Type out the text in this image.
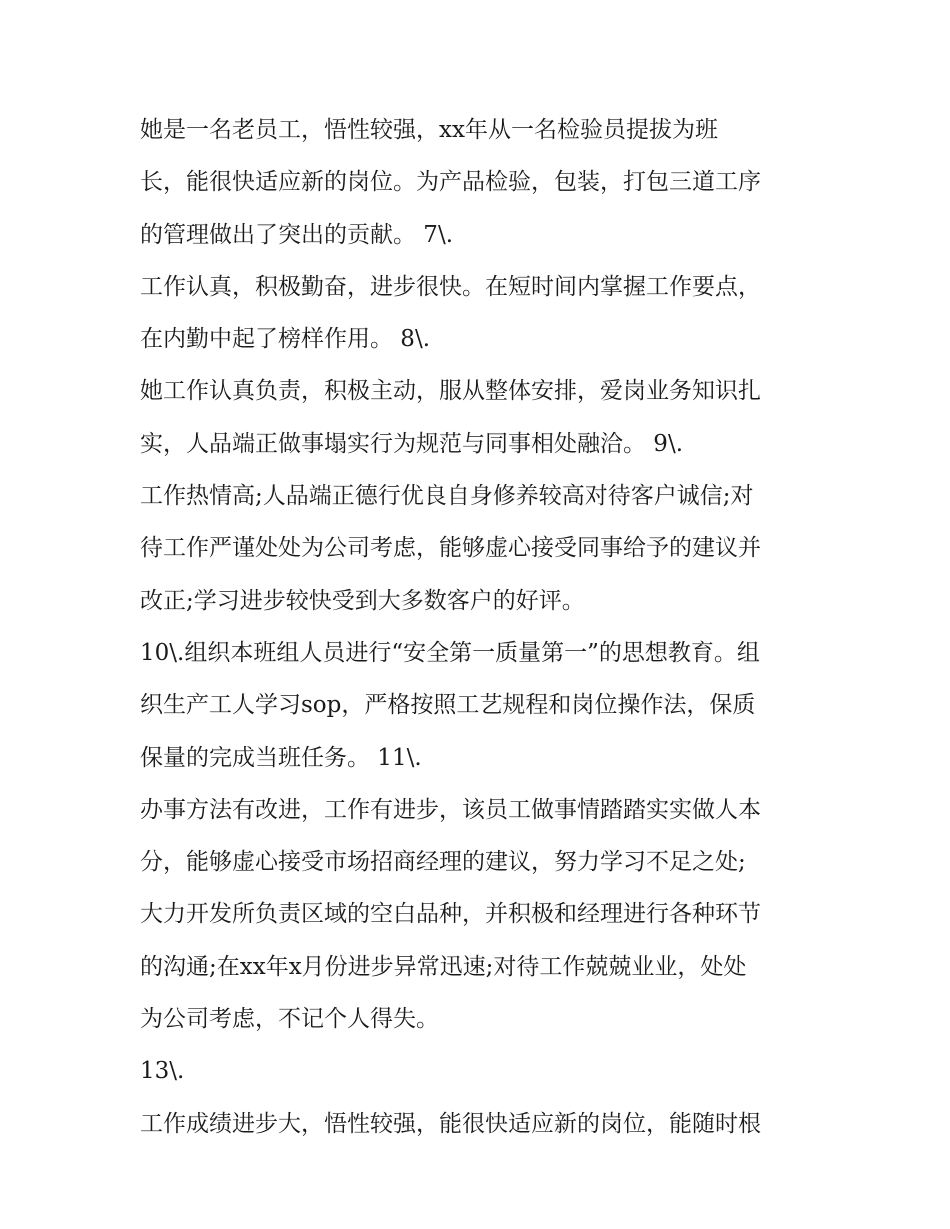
她是一名老员工，悟性较强，xx年从一名检验员提拔为班
长，能很快适应新的岗位。为产品检验，包装，打包三道工序
的管理做出了突出的贡献。 7\.
工作认真，积极勤奋，进步很快。在短时间内掌握工作要点，
在内勤中起了榜样作用。 8\.
她工作认真负责，积极主动，服从整体安排，爱岗业务知识扎
实，人品端正做事塌实行为规范与同事相处融洽。 9\.
工作热情高;人品端正德行优良自身修养较高对待客户诚信;对
待工作严谨处处为公司考虑，能够虚心接受同事给予的建议并
改正;学习进步较快受到大多数客户的好评。
10\.组织本班组人员进行“安全第一质量第一”的思想教育。组
织生产工人学习sop，严格按照工艺规程和岗位操作法，保质
保量的完成当班任务。 11\.
办事方法有改进，工作有进步，该员工做事情踏踏实实做人本
分，能够虚心接受市场招商经理的建议，努力学习不足之处;
大力开发所负责区域的空白品种，并积极和经理进行各种环节
的沟通;在xx年x月份进步异常迅速;对待工作兢兢业业，处处
为公司考虑，不记个人得失。
13\.
工作成绩进步大，悟性较强，能很快适应新的岗位，能随时根
